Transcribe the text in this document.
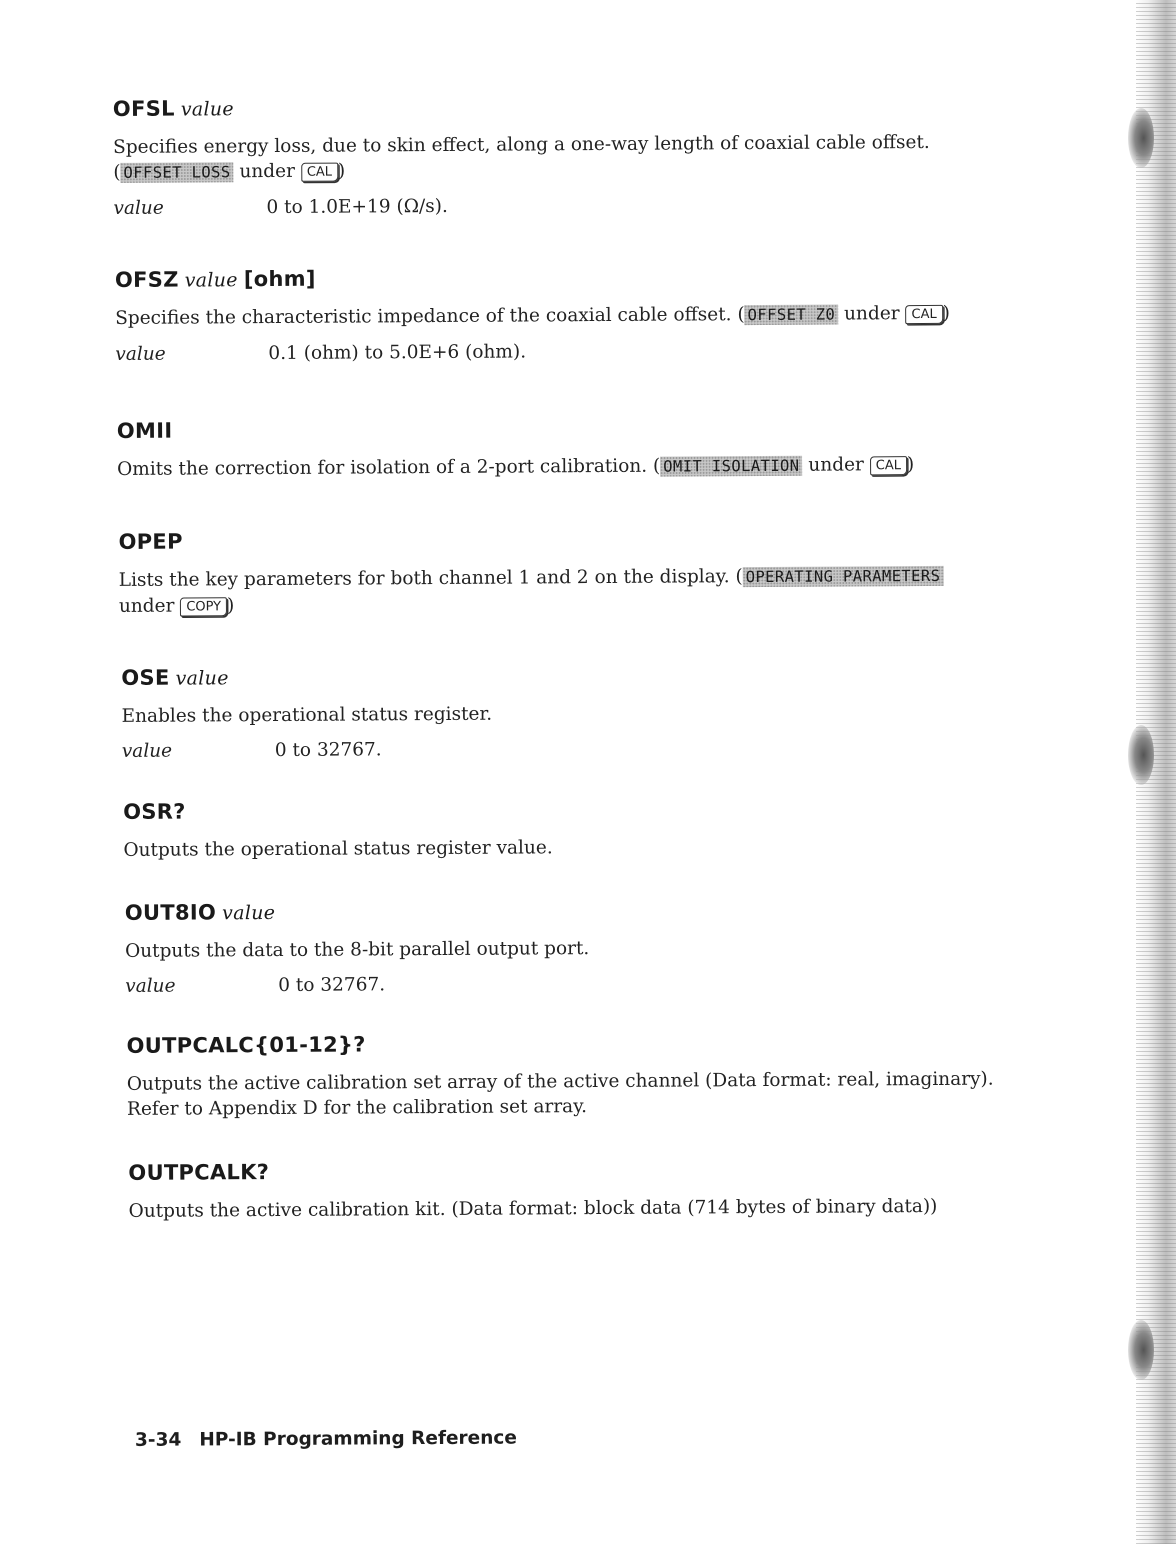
OFSL value
Specifies energy loss, due to skin effect, along a one-way length of coaxial cable offset.
( OFFSET LOSS under CAL )
value	0 to 1.0E+19 (Ω/s).
OFSZ value [ohm]
Specifies the characteristic impedance of the coaxial cable offset. ( OFFSET Z0 under CAL )
value	0.1 (ohm) to 5.0E+6 (ohm).
OMII
Omits the correction for isolation of a 2-port calibration. ( OMIT ISOLATION under CAL )
OPEP
Lists the key parameters for both channel 1 and 2 on the display. ( OPERATING PARAMETERS
under COPY )
OSE value
Enables the operational status register.
value	0 to 32767.
OSR?
Outputs the operational status register value.
OUT8IO value
Outputs the data to the 8-bit parallel output port.
value	0 to 32767.
OUTPCALC{01-12}?
Outputs the active calibration set array of the active channel (Data format: real, imaginary).
Refer to Appendix D for the calibration set array.
OUTPCALK?
Outputs the active calibration kit. (Data format: block data (714 bytes of binary data))
3-34 HP-IB Programming Reference
